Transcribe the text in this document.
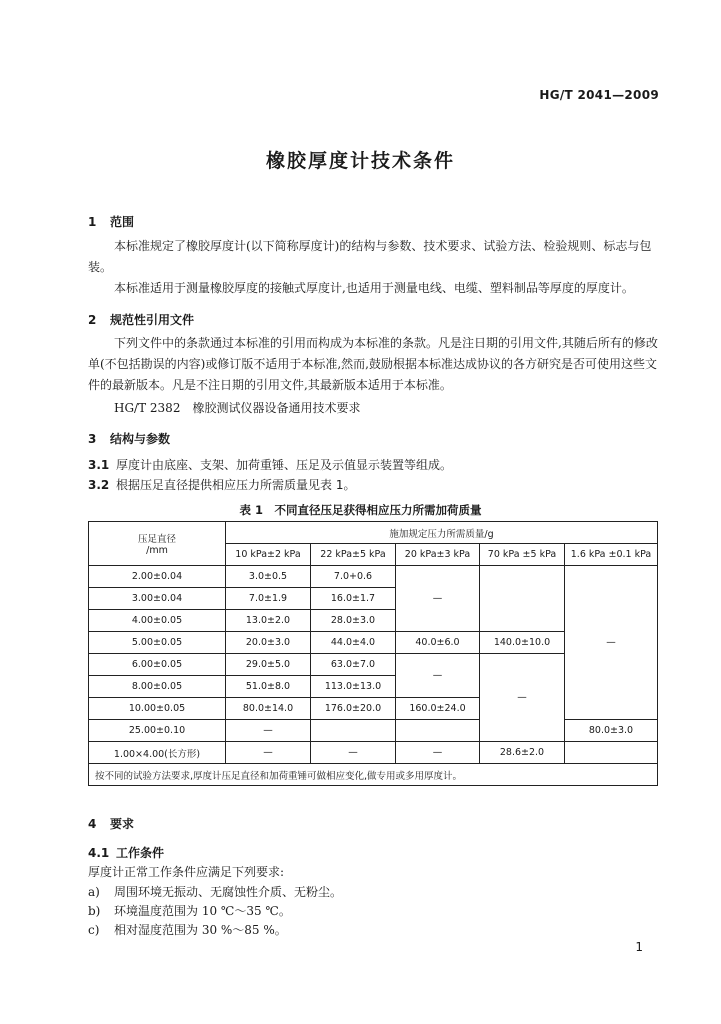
HG/T 2041—2009
橡胶厚度计技术条件
1 范围
本标准规定了橡胶厚度计(以下简称厚度计)的结构与参数、技术要求、试验方法、检验规则、标志与包装。
本标准适用于测量橡胶厚度的接触式厚度计,也适用于测量电线、电缆、塑料制品等厚度的厚度计。
2 规范性引用文件
下列文件中的条款通过本标准的引用而构成为本标准的条款。凡是注日期的引用文件,其随后所有的修改单(不包括勘误的内容)或修订版不适用于本标准,然而,鼓励根据本标准达成协议的各方研究是否可使用这些文件的最新版本。凡是不注日期的引用文件,其最新版本适用于本标准。
HG/T 2382　橡胶测试仪器设备通用技术要求
3 结构与参数
3.1 厚度计由底座、支架、加荷重锤、压足及示值显示装置等组成。
3.2 根据压足直径提供相应压力所需质量见表 1。
表 1　不同直径压足获得相应压力所需加荷质量
压足直径
/mm	施加规定压力所需质量/g				
	10 kPa±2 kPa	22 kPa±5 kPa	20 kPa±3 kPa	70 kPa ±5 kPa	1.6 kPa ±0.1 kPa
2.00±0.04	3.0±0.5	7.0+0.6	—		—
3.00±0.04	7.0±1.9	16.0±1.7			
4.00±0.05	13.0±2.0	28.0±3.0			
5.00±0.05	20.0±3.0	44.0±4.0	40.0±6.0	140.0±10.0	
6.00±0.05	29.0±5.0	63.0±7.0	—	—	
8.00±0.05	51.0±8.0	113.0±13.0			
10.00±0.05	80.0±14.0	176.0±20.0	160.0±24.0		
25.00±0.10	—				80.0±3.0
1.00×4.00(长方形)	—	—	—	28.6±2.0	
按不同的试验方法要求,厚度计压足直径和加荷重锤可做相应变化,做专用或多用厚度计。					
4 要求
4.1 工作条件
厚度计正常工作条件应满足下列要求:
a) 周围环境无振动、无腐蚀性介质、无粉尘。
b) 环境温度范围为 10 ℃～35 ℃。
c) 相对湿度范围为 30 %～85 %。
1
